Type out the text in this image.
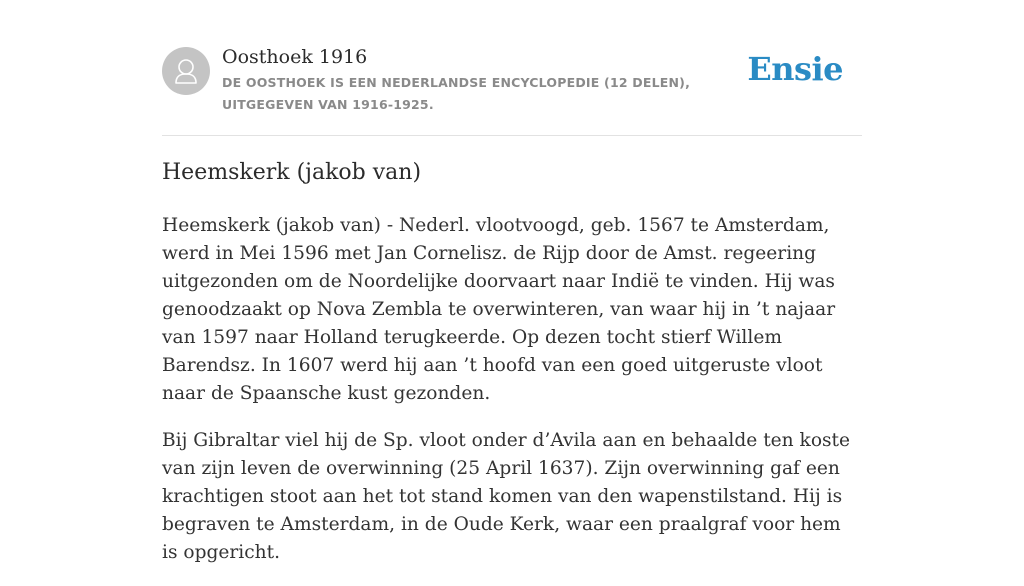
Oosthoek 1916
DE OOSTHOEK IS EEN NEDERLANDSE ENCYCLOPEDIE (12 DELEN), UITGEGEVEN VAN 1916-1925.
Ensie
Heemskerk (jakob van)

Heemskerk (jakob van) - Nederl. vlootvoogd, geb. 1567 te Amsterdam, werd in Mei 1596 met Jan Cornelisz. de Rijp door de Amst. regeering uitgezonden om de Noordelijke doorvaart naar Indië te vinden. Hij was genoodzaakt op Nova Zembla te overwinteren, van waar hij in ’t najaar van 1597 naar Holland terugkeerde. Op dezen tocht stierf Willem Barendsz. In 1607 werd hij aan ’t hoofd van een goed uitgeruste vloot naar de Spaansche kust gezonden.

Bij Gibraltar viel hij de Sp. vloot onder d’Avila aan en behaalde ten koste van zijn leven de overwinning (25 April 1637). Zijn overwinning gaf een krachtigen stoot aan het tot stand komen van den wapenstilstand. Hij is begraven te Amsterdam, in de Oude Kerk, waar een praalgraf voor hem is opgericht.
